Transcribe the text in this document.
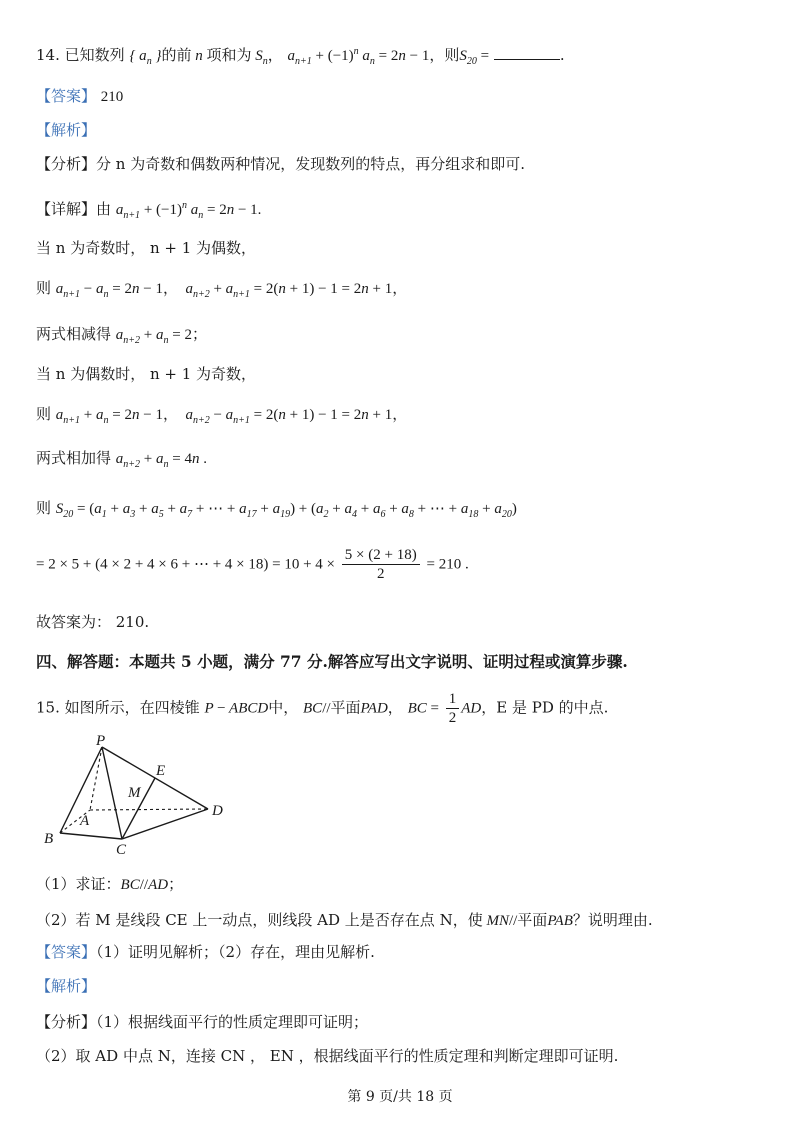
14. 已知数列 { $a_n$ }的前 n 项和为 $S_n$， $a_{n+1} + (-1)^n$ $a_n = 2n - 1$，则$S_{20}$ =	.
【答案】 210
【解析】
【分析】分 n 为奇数和偶数两种情况，发现数列的特点，再分组求和即可.
【详解】由 $a_{n+1} + (-1)^n$ $a_n = 2n - 1$.
当 n 为奇数时， n + 1 为偶数，
则 $a_{n+1} - a_n = 2n - 1$，  $a_{n+2} + a_{n+1} = 2(n + 1) - 1 = 2n + 1$，
两式相减得 $a_{n+2} + a_n = 2$；
当 n 为偶数时， n + 1 为奇数，
则 $a_{n+1} + a_n = 2n - 1$，  $a_{n+2} - a_{n+1} = 2(n + 1) - 1 = 2n + 1$，
两式相加得 $a_{n+2} + a_n = 4n$ .
则 $S_{20} = (a_1 + a_3 + a_5 + a_7$ + ⋯ + $a_{17} + a_{19}) + (a_2 + a_4 + a_6 + a_8$ + ⋯ + $a_{18} + a_{20}$)
= 2 × 5 + (4 × 2 + 4 × 6 + ⋯ + $4 \times 18) = 10 + 4 \times \frac{5 \times (2 + 18)}{2} = 210$ .
故答案为： 210.
四、解答题：本题共 5 小题，满分 77 分.解答应写出文字说明、证明过程或演算步骤.
15. 如图所示，在四棱锥 P − ABCD中， BC//平面PAD， BC = $\frac{1}{2}$ AD，E 是 PD 的中点.
P
A
B
C
D
E
M
（1）求证：BC//AD；
（2）若 M 是线段 CE 上一动点，则线段 AD 上是否存在点 N，使 MN//平面PAB？说明理由.
【答案】（1）证明见解析；（2）存在，理由见解析.
【解析】
【分析】（1）根据线面平行的性质定理即可证明；
（2）取 AD 中点 N，连接 CN ， EN ，根据线面平行的性质定理和判断定理即可证明.
第 9 页/共 18 页
